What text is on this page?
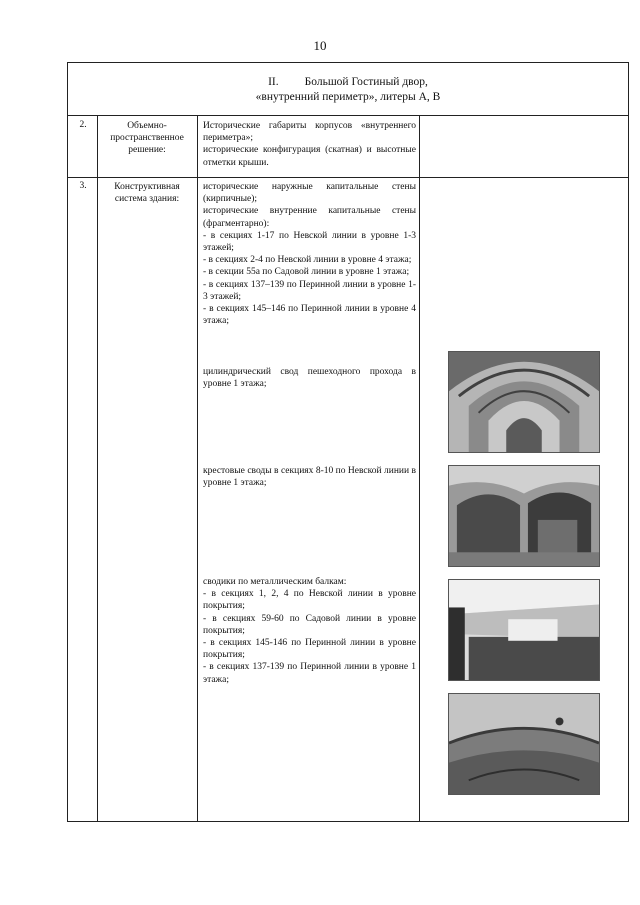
10
II. Большой Гостиный двор,
«внутренний периметр», литеры А, В
2.	Объемно-
пространственное
решение:
Исторические габариты корпусов «внутреннего периметра»;
исторические конфигурация (скатная) и высотные отметки крыши.
3.	Конструктивная
система здания:
исторические наружные капитальные стены (кирпичные);
исторические внутренние капитальные стены (фрагментарно):
- в секциях 1-17 по Невской линии в уровне 1-3 этажей;
- в секциях 2-4 по Невской линии в уровне 4 этажа;
- в секции 55а по Садовой линии в уровне 1 этажа;
- в секциях 137–139 по Перинной линии в уровне 1-3 этажей;
- в секциях 145–146 по Перинной линии в уровне 4 этажа;
цилиндрический свод пешеходного прохода в уровне 1 этажа;
крестовые своды в секциях 8-10 по Невской линии в уровне 1 этажа;
сводики по металлическим балкам:
- в секциях 1, 2, 4 по Невской линии в уровне покрытия;
- в секциях 59-60 по Садовой линии в уровне покрытия;
- в секциях 145-146 по Перинной линии в уровне покрытия;
- в секциях 137-139 по Перинной линии в уровне 1 этажа;
